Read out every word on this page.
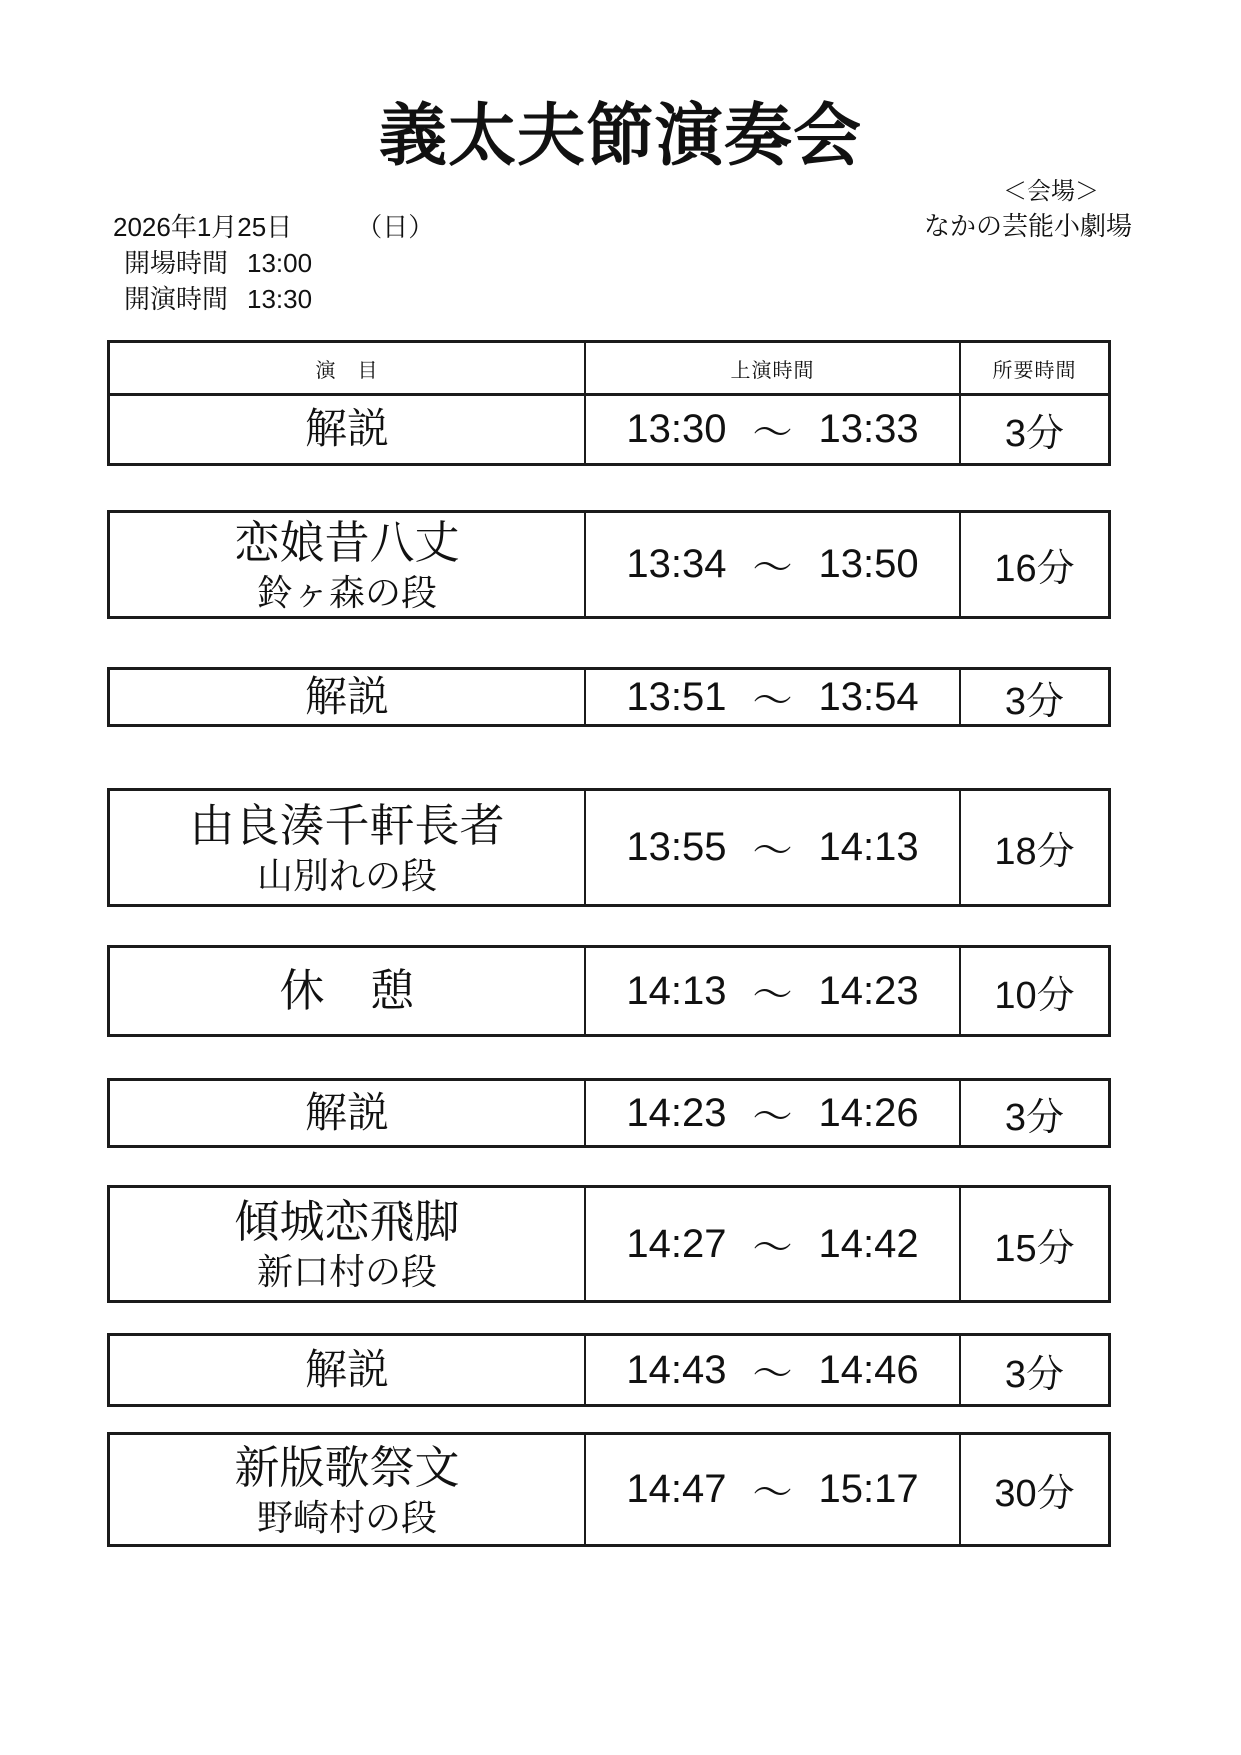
義太夫節演奏会
2026年1月25日 （日）
開場時間 13:00
開演時間 13:30
＜会場＞
なかの芸能小劇場
演　目	上演時間	所要時間
解説	13:30 ～ 13:33	3分
恋娘昔八丈
鈴ヶ森の段
13:34 ～ 13:50	16分
解説	13:51 ～ 13:54	3分
由良湊千軒長者
山別れの段
13:55 ～ 14:13	18分
休　憩	14:13 ～ 14:23	10分
解説	14:23 ～ 14:26	3分
傾城恋飛脚
新口村の段
14:27 ～ 14:42	15分
解説	14:43 ～ 14:46	3分
新版歌祭文
野崎村の段
14:47 ～ 15:17	30分
